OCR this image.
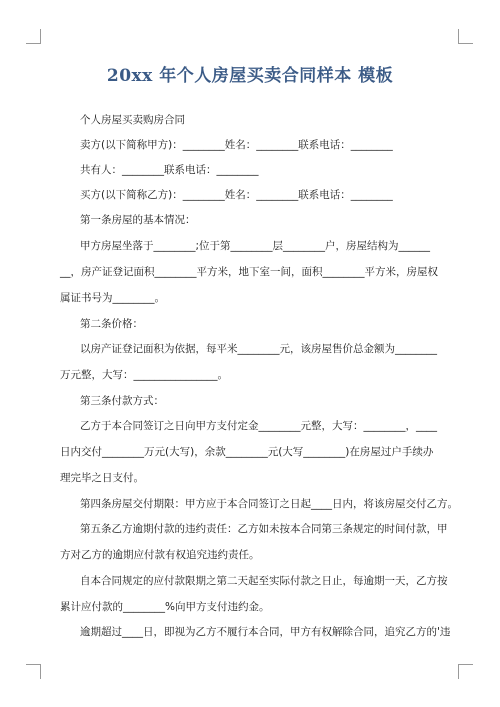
20xx 年个人房屋买卖合同样本 模板
个人房屋买卖购房合同
卖方(以下简称甲方)：________姓名：________联系电话：________
共有人：________联系电话：________
买方(以下简称乙方)：________姓名：________联系电话：________
第一条房屋的基本情况：
甲方房屋坐落于________;位于第________层________户，房屋结构为______
__，房产证登记面积________平方米，地下室一间，面积________平方米，房屋权
属证书号为________。
第二条价格：
以房产证登记面积为依据，每平米________元，该房屋售价总金额为________
万元整，大写：________________。
第三条付款方式：
乙方于本合同签订之日向甲方支付定金________元整，大写：________，____
日内交付________万元(大写)，余款________元(大写________)在房屋过户手续办
理完毕之日支付。
第四条房屋交付期限：甲方应于本合同签订之日起____日内，将该房屋交付乙方。
第五条乙方逾期付款的违约责任：乙方如未按本合同第三条规定的时间付款，甲
方对乙方的逾期应付款有权追究违约责任。
自本合同规定的应付款限期之第二天起至实际付款之日止，每逾期一天，乙方按
累计应付款的________%向甲方支付违约金。
逾期超过____日，即视为乙方不履行本合同，甲方有权解除合同，追究乙方的'违
